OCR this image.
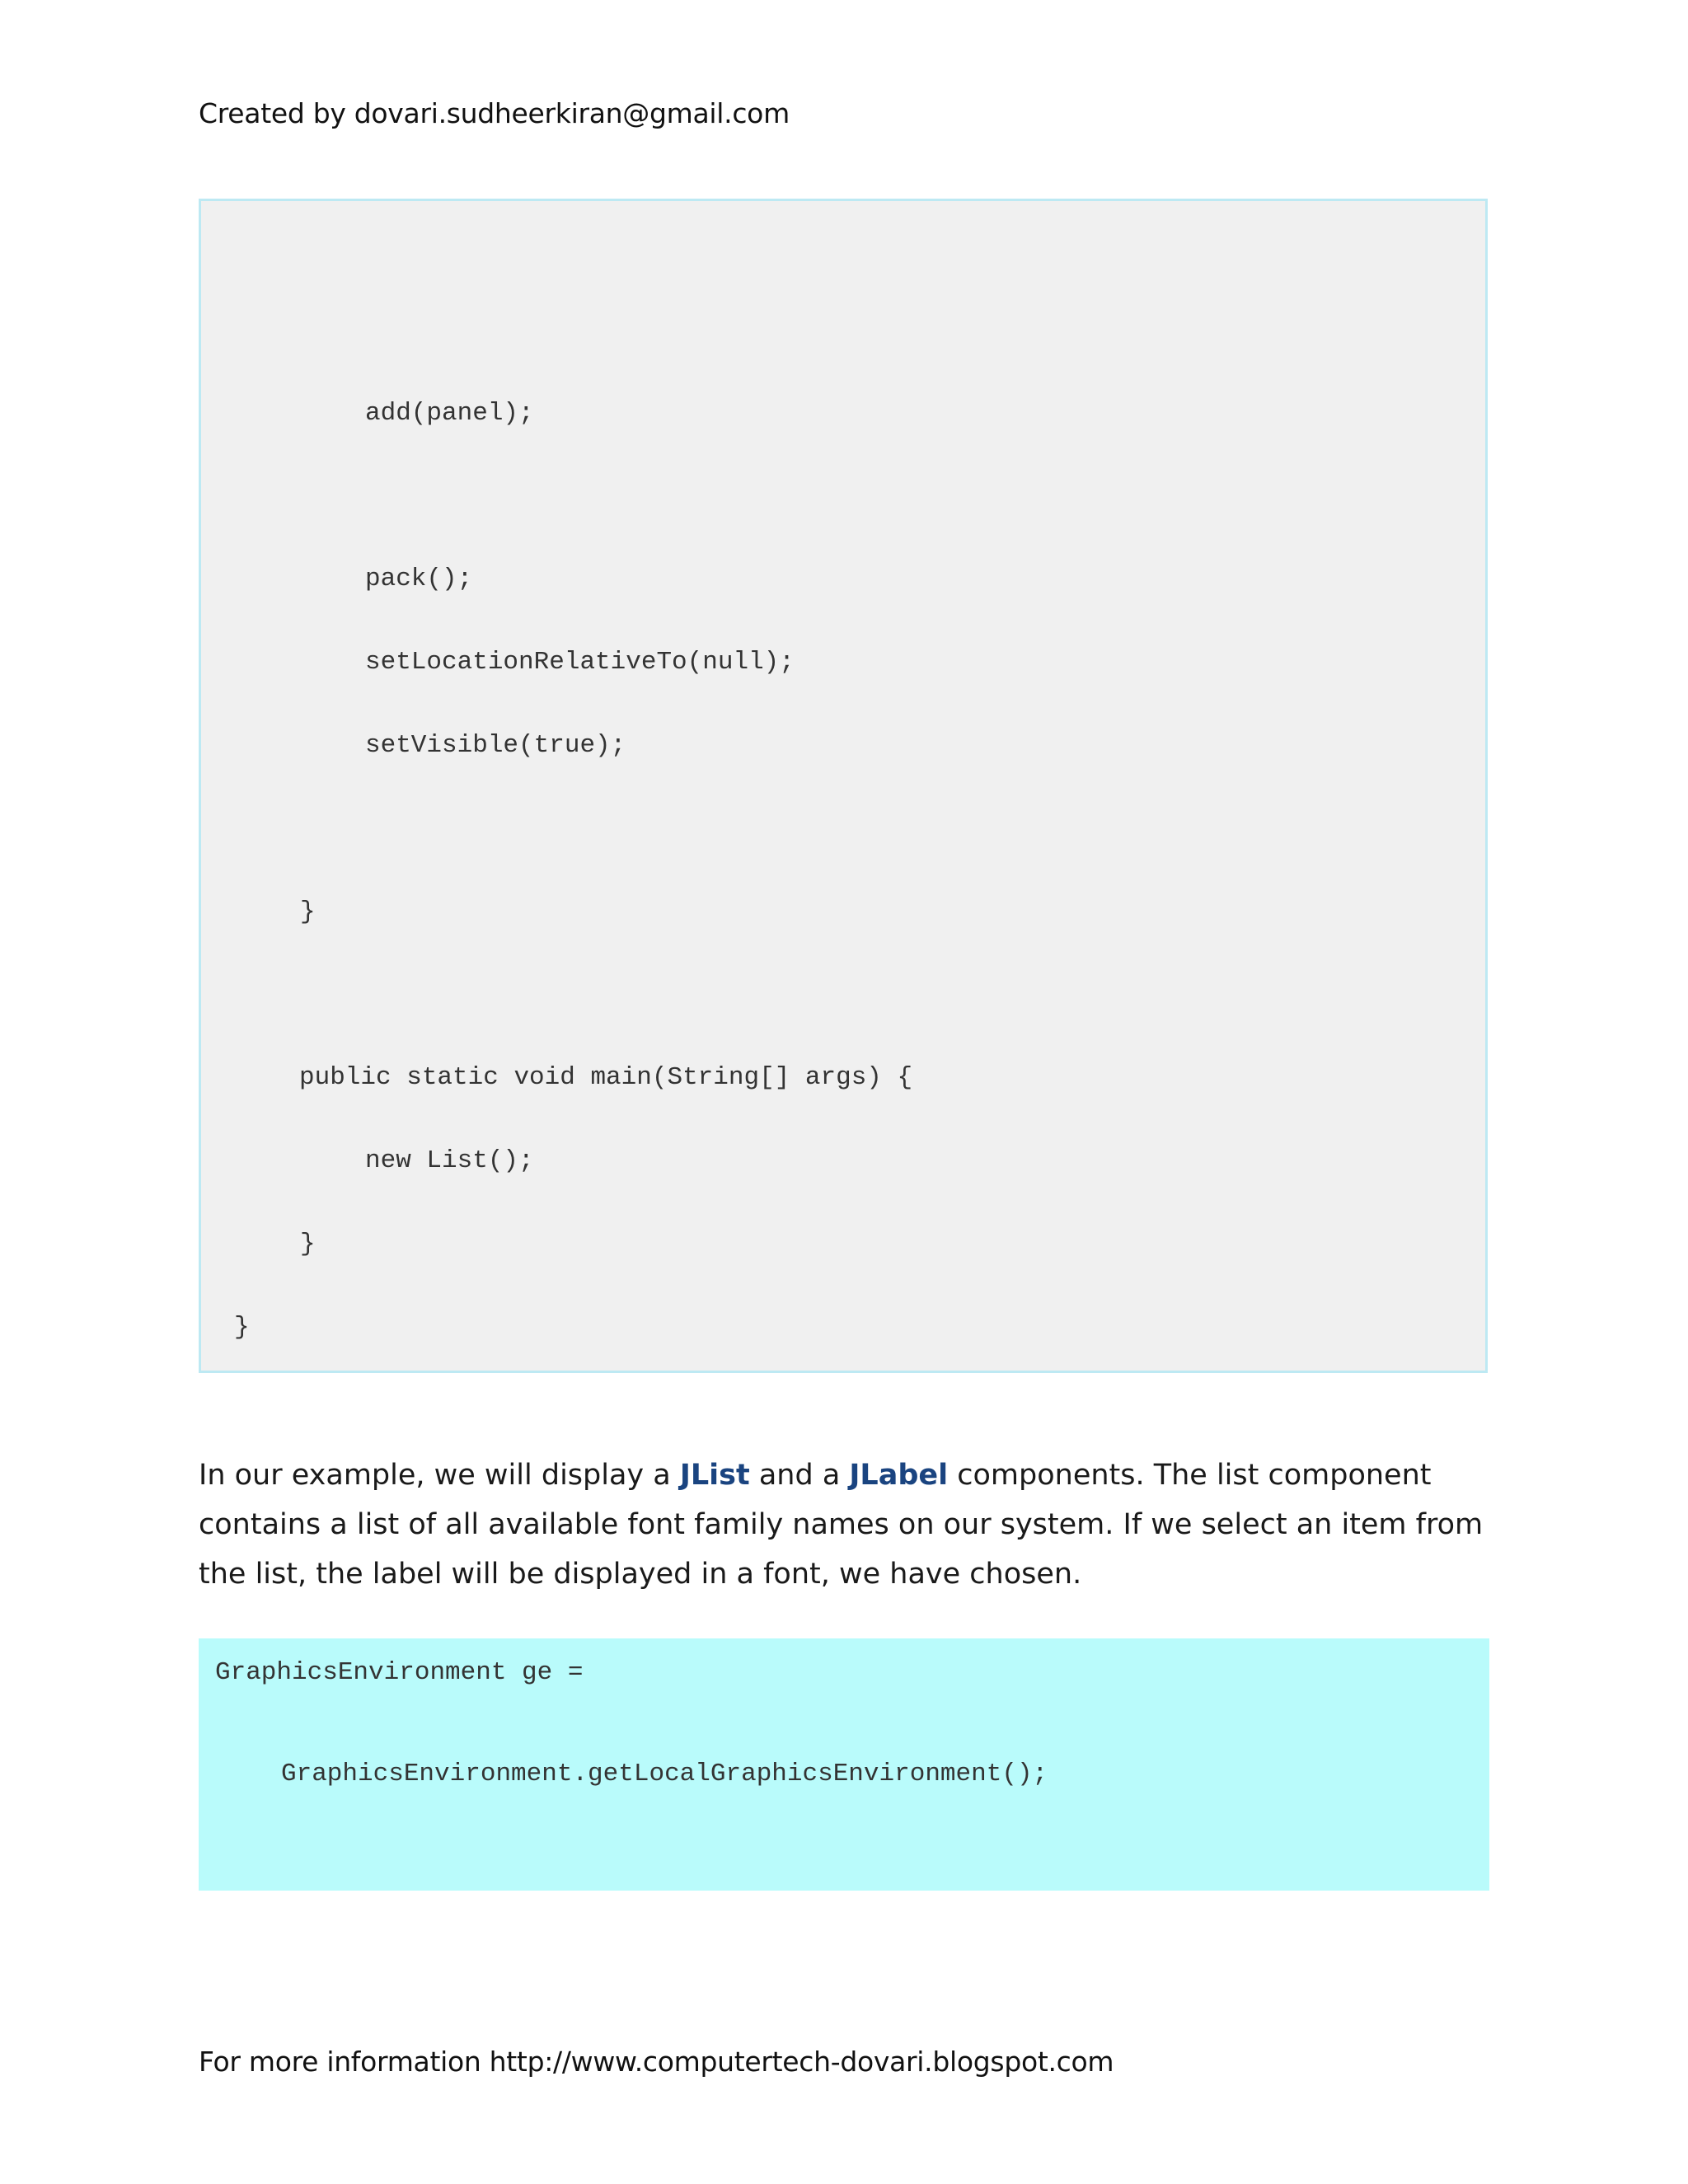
Created by dovari.sudheerkiran@gmail.com
add(panel);
pack();
setLocationRelativeTo(null);
setVisible(true);
}
public static void main(String[] args) {
new List();
}
}
In our example, we will display a JList and a JLabel components. The list component contains a list of all available font family names on our system. If we select an item from the list, the label will be displayed in a font, we have chosen.
GraphicsEnvironment ge =
GraphicsEnvironment.getLocalGraphicsEnvironment();
For more information http://www.computertech-dovari.blogspot.com
